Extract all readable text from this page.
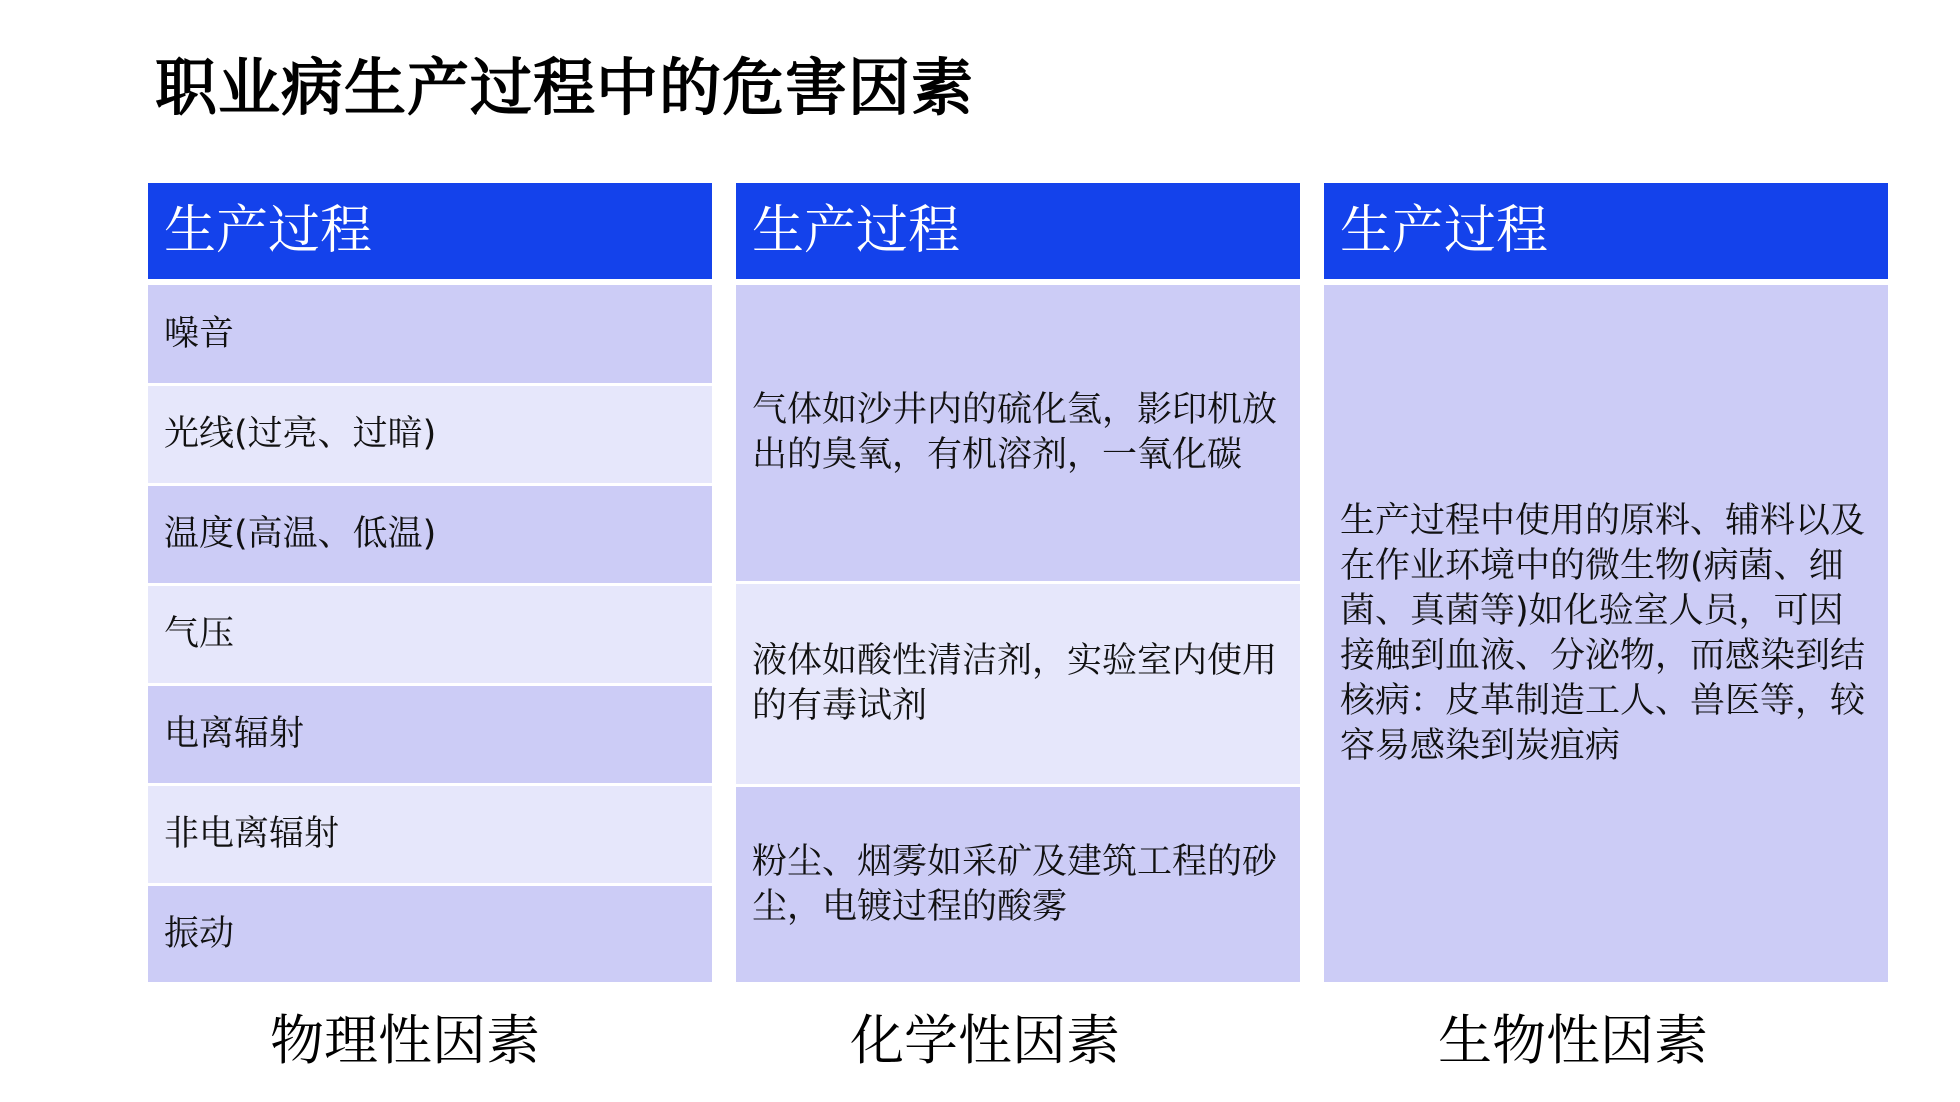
职业病生产过程中的危害因素
生产过程
噪音
光线(过亮、过暗)
温度(高温、低温)
气压
电离辐射
非电离辐射
振动
生产过程
气体如沙井内的硫化氢，影印机放出的臭氧，有机溶剂，一氧化碳
液体如酸性清洁剂，实验室内使用的有毒试剂
粉尘、烟雾如采矿及建筑工程的砂尘，电镀过程的酸雾
生产过程
生产过程中使用的原料、辅料以及在作业环境中的微生物(病菌、细菌、真菌等)如化验室人员，可因接触到血液、分泌物，而感染到结核病：皮革制造工人、兽医等，较容易感染到炭疽病
物理性因素	化学性因素	生物性因素
